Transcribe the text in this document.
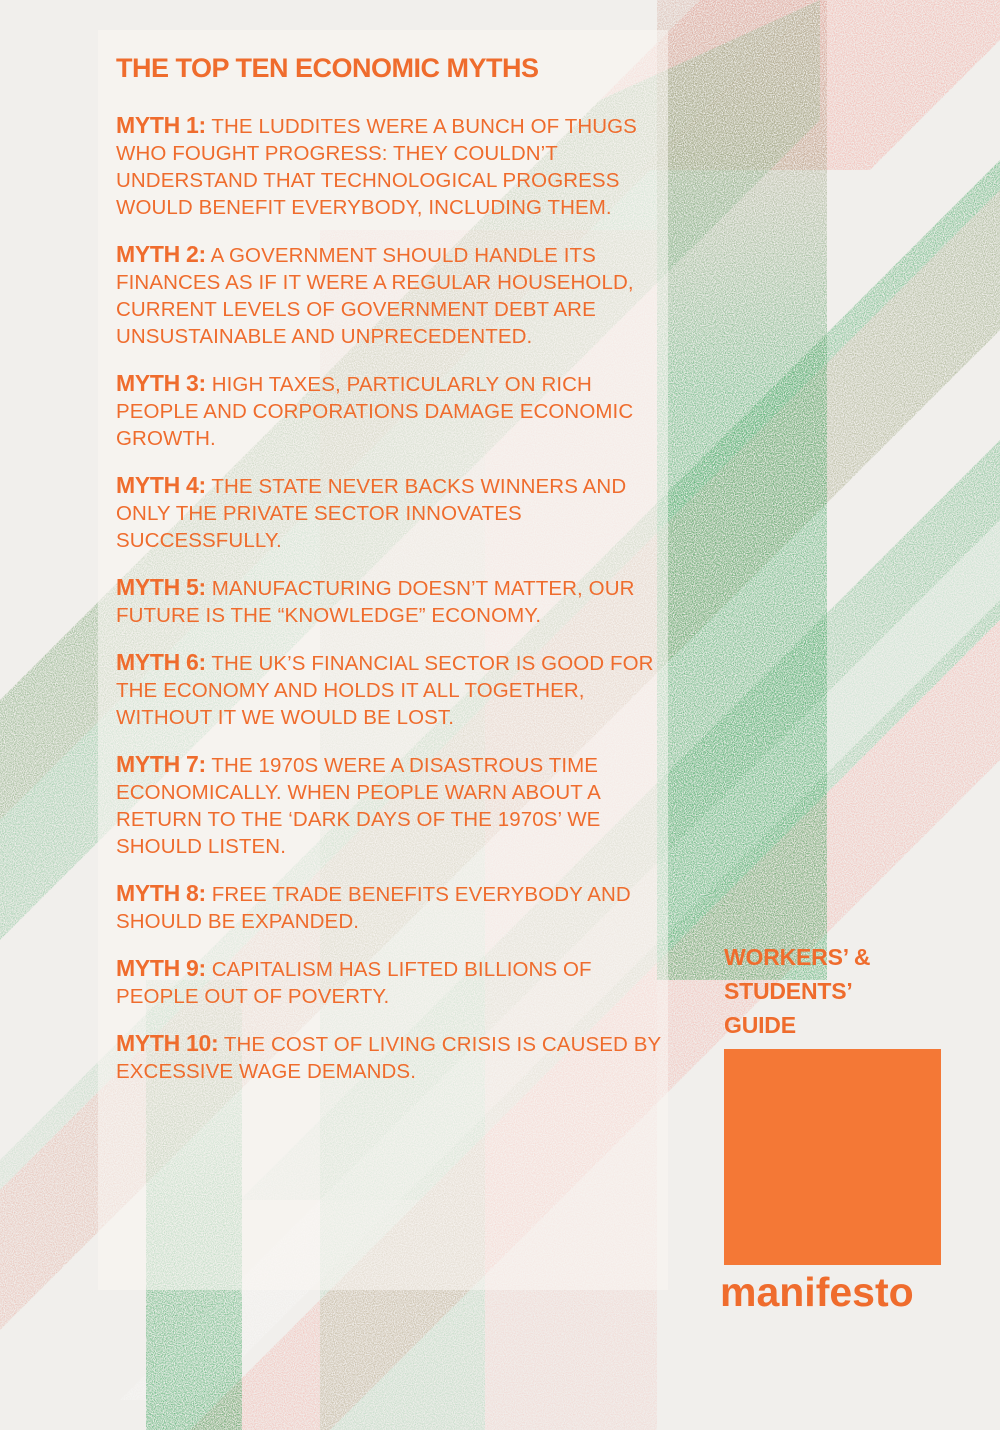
THE TOP TEN ECONOMIC MYTHS

MYTH 1: THE LUDDITES WERE A BUNCH OF THUGS WHO FOUGHT PROGRESS: THEY COULDN’T UNDERSTAND THAT TECHNOLOGICAL PROGRESS WOULD BENEFIT EVERYBODY, INCLUDING THEM.

MYTH 2: A GOVERNMENT SHOULD HANDLE ITS FINANCES AS IF IT WERE A REGULAR HOUSEHOLD, CURRENT LEVELS OF GOVERNMENT DEBT ARE UNSUSTAINABLE AND UNPRECEDENTED.

MYTH 3: HIGH TAXES, PARTICULARLY ON RICH PEOPLE AND CORPORATIONS DAMAGE ECONOMIC GROWTH.

MYTH 4: THE STATE NEVER BACKS WINNERS AND ONLY THE PRIVATE SECTOR INNOVATES SUCCESSFULLY.

MYTH 5: MANUFACTURING DOESN’T MATTER, OUR FUTURE IS THE “KNOWLEDGE” ECONOMY.

MYTH 6: THE UK’S FINANCIAL SECTOR IS GOOD FOR THE ECONOMY AND HOLDS IT ALL TOGETHER, WITHOUT IT WE WOULD BE LOST.

MYTH 7: THE 1970S WERE A DISASTROUS TIME ECONOMICALLY. WHEN PEOPLE WARN ABOUT A RETURN TO THE ‘DARK DAYS OF THE 1970S’ WE SHOULD LISTEN.

MYTH 8: FREE TRADE BENEFITS EVERYBODY AND SHOULD BE EXPANDED.

MYTH 9: CAPITALISM HAS LIFTED BILLIONS OF PEOPLE OUT OF POVERTY.

MYTH 10: THE COST OF LIVING CRISIS IS CAUSED BY EXCESSIVE WAGE DEMANDS.

WORKERS’ &
STUDENTS’
GUIDE
manifesto
